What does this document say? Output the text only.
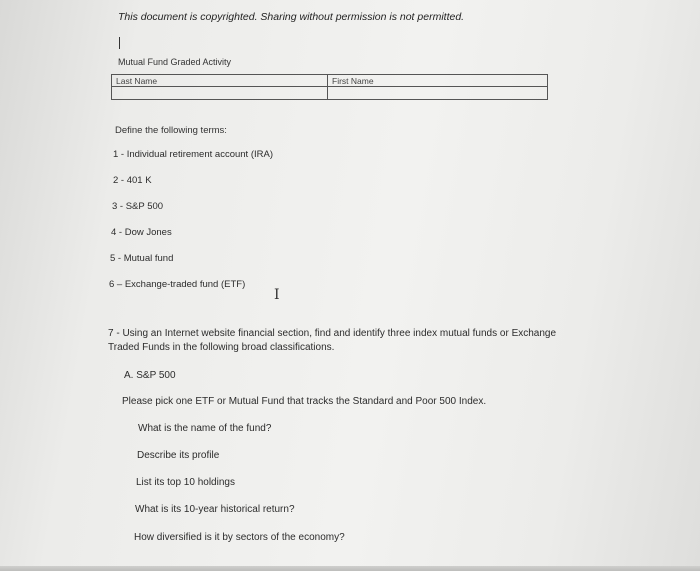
This document is copyrighted. Sharing without permission is not permitted.
Mutual Fund Graded Activity
Last Name	First Name
Define the following terms:
1 - Individual retirement account (IRA)
2 - 401 K
3 - S&P 500
4 - Dow Jones
5 - Mutual fund
6 – Exchange-traded fund (ETF)
I
7 - Using an Internet website financial section, find and identify three index mutual funds or Exchange Traded Funds in the following broad classifications.
A. S&P 500
Please pick one ETF or Mutual Fund that tracks the Standard and Poor 500 Index.
What is the name of the fund?
Describe its profile
List its top 10 holdings
What is its 10-year historical return?
How diversified is it by sectors of the economy?
